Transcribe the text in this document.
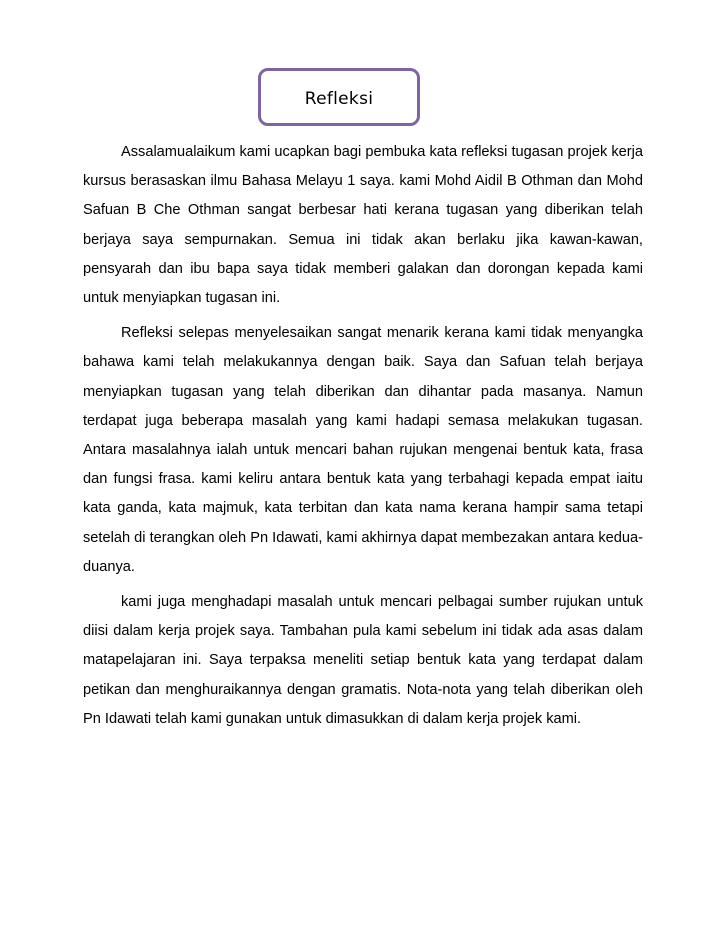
Refleksi

Assalamualaikum kami ucapkan bagi pembuka kata refleksi tugasan projek kerja kursus berasaskan ilmu Bahasa Melayu 1 saya. kami Mohd Aidil B Othman dan Mohd Safuan B Che Othman sangat berbesar hati kerana tugasan yang diberikan telah berjaya saya sempurnakan. Semua ini tidak akan berlaku jika kawan-kawan, pensyarah dan ibu bapa saya tidak memberi galakan dan dorongan kepada kami untuk menyiapkan tugasan ini.

Refleksi selepas menyelesaikan sangat menarik kerana kami tidak menyangka bahawa kami telah melakukannya dengan baik. Saya dan Safuan telah berjaya menyiapkan tugasan yang telah diberikan dan dihantar pada masanya. Namun terdapat juga beberapa masalah yang kami hadapi semasa melakukan tugasan. Antara masalahnya ialah untuk mencari bahan rujukan mengenai bentuk kata, frasa dan fungsi frasa. kami keliru antara bentuk kata yang terbahagi kepada empat iaitu kata ganda, kata majmuk, kata terbitan dan kata nama kerana hampir sama tetapi setelah di terangkan oleh Pn Idawati, kami akhirnya dapat membezakan antara kedua-duanya.

kami juga menghadapi masalah untuk mencari pelbagai sumber rujukan untuk diisi dalam kerja projek saya. Tambahan pula kami sebelum ini tidak ada asas dalam matapelajaran ini. Saya terpaksa meneliti setiap bentuk kata yang terdapat dalam petikan dan menghuraikannya dengan gramatis. Nota-nota yang telah diberikan oleh Pn Idawati telah kami gunakan untuk dimasukkan di dalam kerja projek kami.
